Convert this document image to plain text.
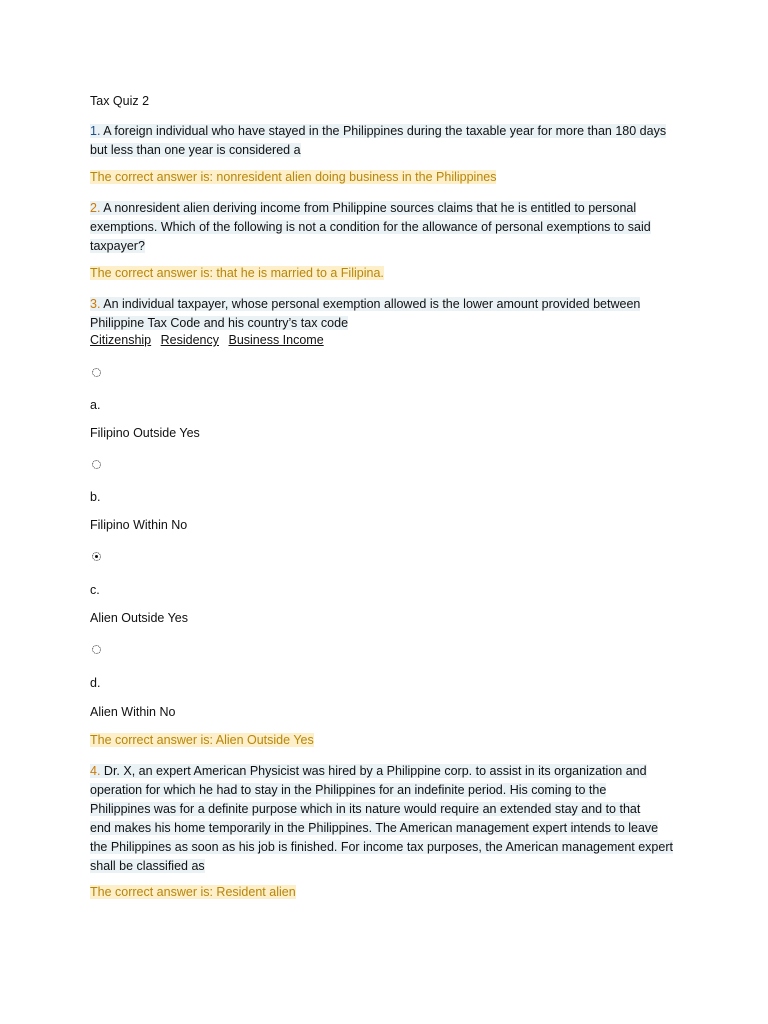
Tax Quiz 2
1. A foreign individual who have stayed in the Philippines during the taxable year for more than 180 days
but less than one year is considered a
The correct answer is: nonresident alien doing business in the Philippines
2. A nonresident alien deriving income from Philippine sources claims that he is entitled to personal
exemptions. Which of the following is not a condition for the allowance of personal exemptions to said
taxpayer?
The correct answer is: that he is married to a Filipina.
3. An individual taxpayer, whose personal exemption allowed is the lower amount provided between
Philippine Tax Code and his country’s tax code
Citizenship Residency Business Income
a.
Filipino Outside Yes
b.
Filipino Within No
c.
Alien Outside Yes
d.
Alien Within No
The correct answer is: Alien Outside Yes
4. Dr. X, an expert American Physicist was hired by a Philippine corp. to assist in its organization and
operation for which he had to stay in the Philippines for an indefinite period. His coming to the
Philippines was for a definite purpose which in its nature would require an extended stay and to that
end makes his home temporarily in the Philippines. The American management expert intends to leave
the Philippines as soon as his job is finished. For income tax purposes, the American management expert
shall be classified as
The correct answer is: Resident alien
